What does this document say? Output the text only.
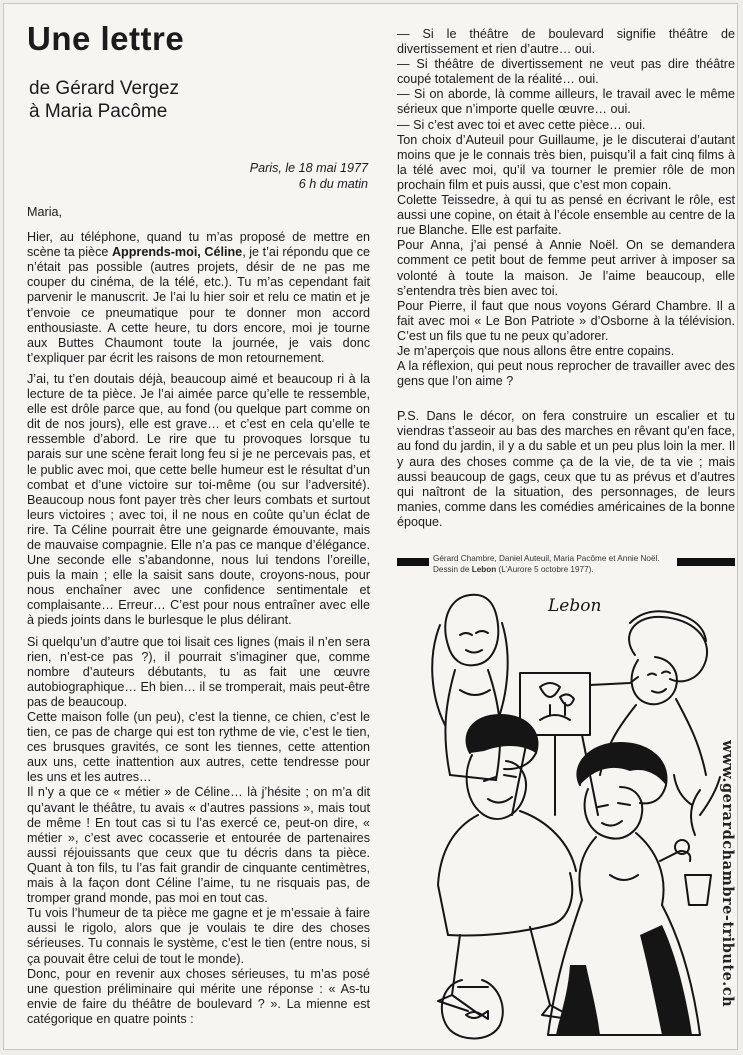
Une lettre
de Gérard Vergez
à Maria Pacôme
Paris, le 18 mai 1977
6 h du matin

Maria,

Hier, au téléphone, quand tu m’as proposé de mettre en scène ta pièce Apprends-moi, Céline, je t’ai répondu que ce n’était pas possible (autres projets, désir de ne pas me couper du cinéma, de la télé, etc.). Tu m’as cependant fait parvenir le manuscrit. Je l’ai lu hier soir et relu ce matin et je t’envoie ce pneumatique pour te donner mon accord enthousiaste. A cette heure, tu dors encore, moi je tourne aux Buttes Chaumont toute la journée, je vais donc t’expliquer par écrit les raisons de mon retournement.

J’ai, tu t’en doutais déjà, beaucoup aimé et beaucoup ri à la lecture de ta pièce. Je l’ai aimée parce qu’elle te ressemble, elle est drôle parce que, au fond (ou quelque part comme on dit de nos jours), elle est grave… et c’est en cela qu’elle te ressemble d’abord. Le rire que tu provoques lorsque tu parais sur une scène ferait long feu si je ne percevais pas, et le public avec moi, que cette belle humeur est le résultat d’un combat et d’une victoire sur toi-même (ou sur l’adversité). Beaucoup nous font payer très cher leurs combats et surtout leurs victoires ; avec toi, il ne nous en coûte qu’un éclat de rire. Ta Céline pourrait être une geignarde émouvante, mais de mauvaise compagnie. Elle n’a pas ce manque d’élégance. Une seconde elle s’abandonne, nous lui tendons l’oreille, puis la main ; elle la saisit sans doute, croyons-nous, pour nous enchaîner avec une confidence sentimentale et complaisante… Erreur… C’est pour nous entraîner avec elle à pieds joints dans le burlesque le plus délirant.

Si quelqu’un d’autre que toi lisait ces lignes (mais il n’en sera rien, n’est-ce pas ?), il pourrait s’imaginer que, comme nombre d’auteurs débutants, tu as fait une œuvre autobiographique… Eh bien… il se tromperait, mais peut-être pas de beaucoup.

Cette maison folle (un peu), c’est la tienne, ce chien, c’est le tien, ce pas de charge qui est ton rythme de vie, c’est le tien, ces brusques gravités, ce sont les tiennes, cette attention aux uns, cette inattention aux autres, cette tendresse pour les uns et les autres…

Il n’y a que ce « métier » de Céline… là j’hésite ; on m’a dit qu’avant le théâtre, tu avais « d’autres passions », mais tout de même ! En tout cas si tu l’as exercé ce, peut-on dire, « métier », c’est avec cocasserie et entourée de partenaires aussi réjouissants que ceux que tu décris dans ta pièce. Quant à ton fils, tu l’as fait grandir de cinquante centimètres, mais à la façon dont Céline l’aime, tu ne risquais pas, de tromper grand monde, pas moi en tout cas.

Tu vois l’humeur de ta pièce me gagne et je m’essaie à faire aussi le rigolo, alors que je voulais te dire des choses sérieuses. Tu connais le système, c’est le tien (entre nous, si ça pouvait être celui de tout le monde).

Donc, pour en revenir aux choses sérieuses, tu m’as posé une question préliminaire qui mérite une réponse : « As-tu envie de faire du théâtre de boulevard ? ». La mienne est catégorique en quatre points :

— Si le théâtre de boulevard signifie théâtre de divertissement et rien d’autre… oui.

— Si théâtre de divertissement ne veut pas dire théâtre coupé totalement de la réalité… oui.

— Si on aborde, là comme ailleurs, le travail avec le même sérieux que n’importe quelle œuvre… oui.

— Si c’est avec toi et avec cette pièce… oui.

Ton choix d’Auteuil pour Guillaume, je le discuterai d’autant moins que je le connais très bien, puisqu’il a fait cinq films à la télé avec moi, qu’il va tourner le premier rôle de mon prochain film et puis aussi, que c’est mon copain.

Colette Teissedre, à qui tu as pensé en écrivant le rôle, est aussi une copine, on était à l’école ensemble au centre de la rue Blanche. Elle est parfaite.

Pour Anna, j’ai pensé à Annie Noël. On se demandera comment ce petit bout de femme peut arriver à imposer sa volonté à toute la maison. Je l’aime beaucoup, elle s’entendra très bien avec toi.

Pour Pierre, il faut que nous voyons Gérard Chambre. Il a fait avec moi « Le Bon Patriote » d’Osborne à la télévision. C’est un fils que tu ne peux qu’adorer.

Je m’aperçois que nous allons être entre copains.

A la réflexion, qui peut nous reprocher de travailler avec des gens que l’on aime ?

P.S. Dans le décor, on fera construire un escalier et tu viendras t’asseoir au bas des marches en rêvant qu’en face, au fond du jardin, il y a du sable et un peu plus loin la mer. Il y aura des choses comme ça de la vie, de ta vie ; mais aussi beaucoup de gags, ceux que tu as prévus et d’autres qui naîtront de la situation, des personnages, de leurs manies, comme dans les comédies américaines de la bonne époque.

Gérard Chambre, Daniel Auteuil, Maria Pacôme et Annie Noël. Dessin de Lebon (L’Aurore 5 octobre 1977).
Lebon
www.gerardchambre-tribute.ch
